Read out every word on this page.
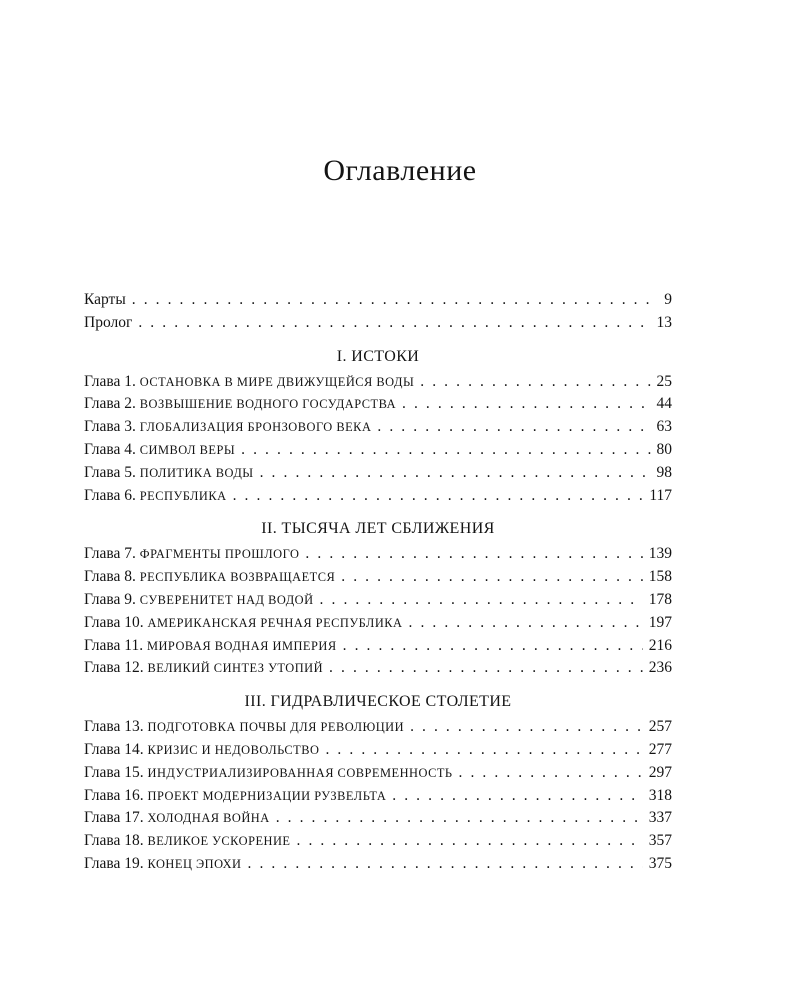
Оглавление
Карты . . .	9
Пролог . . .	13
I. ИСТОКИ
Глава 1. ОСТАНОВКА В МИРЕ ДВИЖУЩЕЙСЯ ВОДЫ . . .	25
Глава 2. ВОЗВЫШЕНИЕ ВОДНОГО ГОСУДАРСТВА . . .	44
Глава 3. ГЛОБАЛИЗАЦИЯ БРОНЗОВОГО ВЕКА . . .	63
Глава 4. СИМВОЛ ВЕРЫ . . .	80
Глава 5. ПОЛИТИКА ВОДЫ . . .	98
Глава 6. РЕСПУБЛИКА . . .	117
II. ТЫСЯЧА ЛЕТ СБЛИЖЕНИЯ
Глава 7. ФРАГМЕНТЫ ПРОШЛОГО . . .	139
Глава 8. РЕСПУБЛИКА ВОЗВРАЩАЕТСЯ . . .	158
Глава 9. СУВЕРЕНИТЕТ НАД ВОДОЙ . . .	178
Глава 10. АМЕРИКАНСКАЯ РЕЧНАЯ РЕСПУБЛИКА . . .	197
Глава 11. МИРОВАЯ ВОДНАЯ ИМПЕРИЯ . . .	216
Глава 12. ВЕЛИКИЙ СИНТЕЗ УТОПИЙ . . .	236
III. ГИДРАВЛИЧЕСКОЕ СТОЛЕТИЕ
Глава 13. ПОДГОТОВКА ПОЧВЫ ДЛЯ РЕВОЛЮЦИИ . . .	257
Глава 14. КРИЗИС И НЕДОВОЛЬСТВО . . .	277
Глава 15. ИНДУСТРИАЛИЗИРОВАННАЯ СОВРЕМЕННОСТЬ . . .	297
Глава 16. ПРОЕКТ МОДЕРНИЗАЦИИ РУЗВЕЛЬТА . . .	318
Глава 17. ХОЛОДНАЯ ВОЙНА . . .	337
Глава 18. ВЕЛИКОЕ УСКОРЕНИЕ . . .	357
Глава 19. КОНЕЦ ЭПОХИ . . .	375
